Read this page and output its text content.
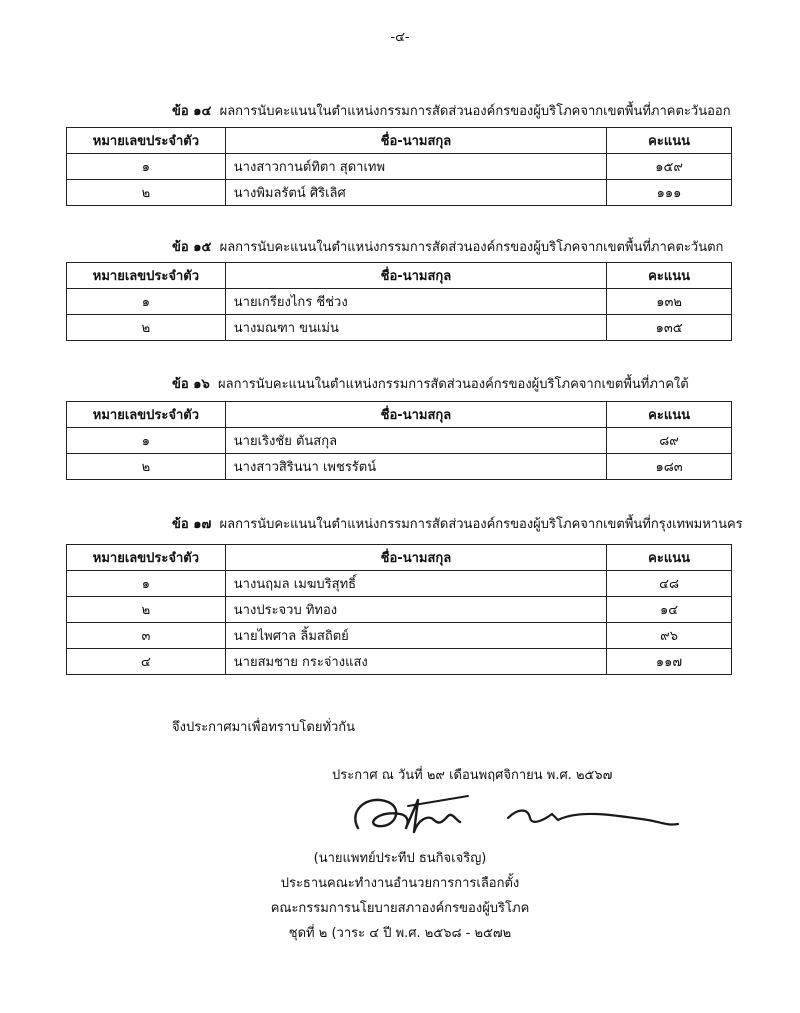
-๔-
ข้อ ๑๔ ผลการนับคะแนนในตำแหน่งกรรมการสัดส่วนองค์กรของผู้บริโภคจากเขตพื้นที่ภาคตะวันออก
หมายเลขประจำตัว	ชื่อ-นามสกุล	คะแนน
๑	นางสาวกานต์ทิตา สุดาเทพ	๑๕๙
๒	นางพิมลรัตน์ ศิริเลิศ	๑๑๑
ข้อ ๑๕ ผลการนับคะแนนในตำแหน่งกรรมการสัดส่วนองค์กรของผู้บริโภคจากเขตพื้นที่ภาคตะวันตก
หมายเลขประจำตัว	ชื่อ-นามสกุล	คะแนน
๑	นายเกรียงไกร ชีช่วง	๑๓๒
๒	นางมณฑา ขนเม่น	๑๓๕
ข้อ ๑๖ ผลการนับคะแนนในตำแหน่งกรรมการสัดส่วนองค์กรของผู้บริโภคจากเขตพื้นที่ภาคใต้
หมายเลขประจำตัว	ชื่อ-นามสกุล	คะแนน
๑	นายเริงชัย ตันสกุล	๘๙
๒	นางสาวสิรินนา เพชรรัตน์	๑๘๓
ข้อ ๑๗ ผลการนับคะแนนในตำแหน่งกรรมการสัดส่วนองค์กรของผู้บริโภคจากเขตพื้นที่กรุงเทพมหานคร
หมายเลขประจำตัว	ชื่อ-นามสกุล	คะแนน
๑	นางนฤมล เมฆบริสุทธิ์	๔๘
๒	นางประจวบ ทิทอง	๑๔
๓	นายไพศาล ลิ้มสถิตย์	๙๖
๔	นายสมชาย กระจ่างแสง	๑๑๗
จึงประกาศมาเพื่อทราบโดยทั่วกัน
ประกาศ ณ วันที่ ๒๙ เดือนพฤศจิกายน พ.ศ. ๒๕๖๗
(นายแพทย์ประทีป ธนกิจเจริญ)
ประธานคณะทำงานอำนวยการการเลือกตั้ง
คณะกรรมการนโยบายสภาองค์กรของผู้บริโภค
ชุดที่ ๒ (วาระ ๔ ปี พ.ศ. ๒๕๖๘ - ๒๕๗๒
